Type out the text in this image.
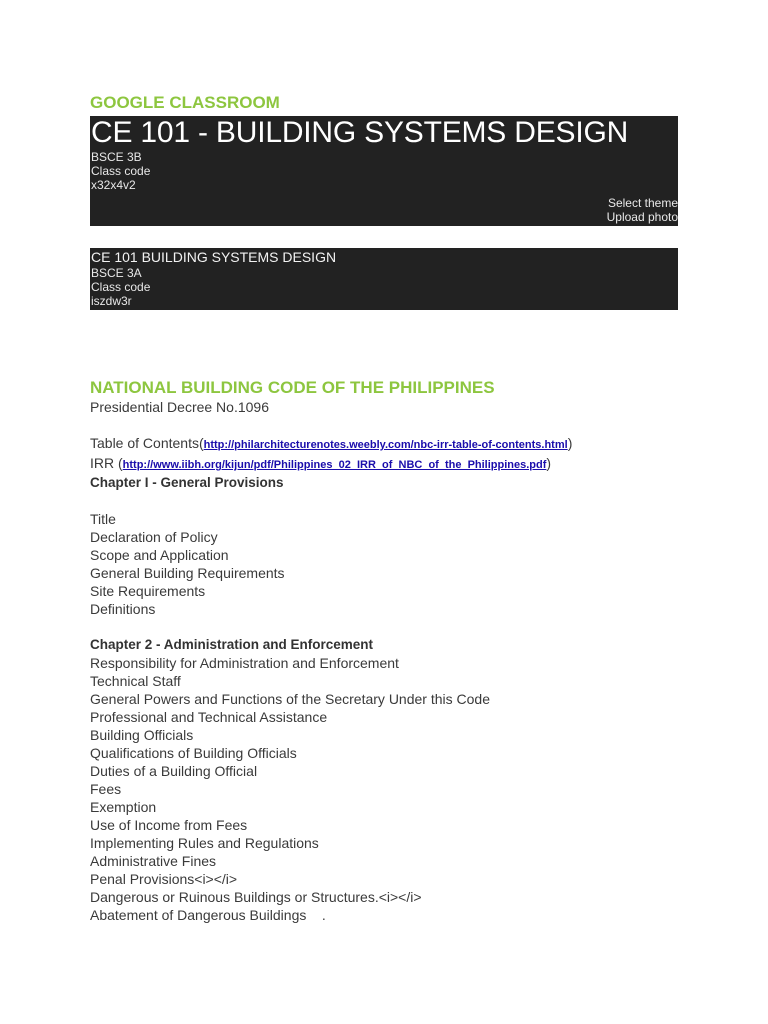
GOOGLE CLASSROOM
CE 101 - BUILDING SYSTEMS DESIGN
BSCE 3B
Class code
x32x4v2
Select theme
Upload photo
CE 101 BUILDING SYSTEMS DESIGN
BSCE 3A
Class code
iszdw3r
NATIONAL BUILDING CODE OF THE PHILIPPINES
Presidential Decree No.1096
Table of Contents(http://philarchitecturenotes.weebly.com/nbc-irr-table-of-contents.html)
IRR (http://www.iibh.org/kijun/pdf/Philippines_02_IRR_of_NBC_of_the_Philippines.pdf)
Chapter I - General Provisions
Title
Declaration of Policy
Scope and Application
General Building Requirements
Site Requirements
Definitions
Chapter 2 - Administration and Enforcement
Responsibility for Administration and Enforcement
Technical Staff
General Powers and Functions of the Secretary Under this Code
Professional and Technical Assistance
Building Officials
Qualifications of Building Officials
Duties of a Building Official
Fees
Exemption
Use of Income from Fees
Implementing Rules and Regulations
Administrative Fines
Penal Provisions<i></i>
Dangerous or Ruinous Buildings or Structures.<i></i>
Abatement of Dangerous Buildings    .
